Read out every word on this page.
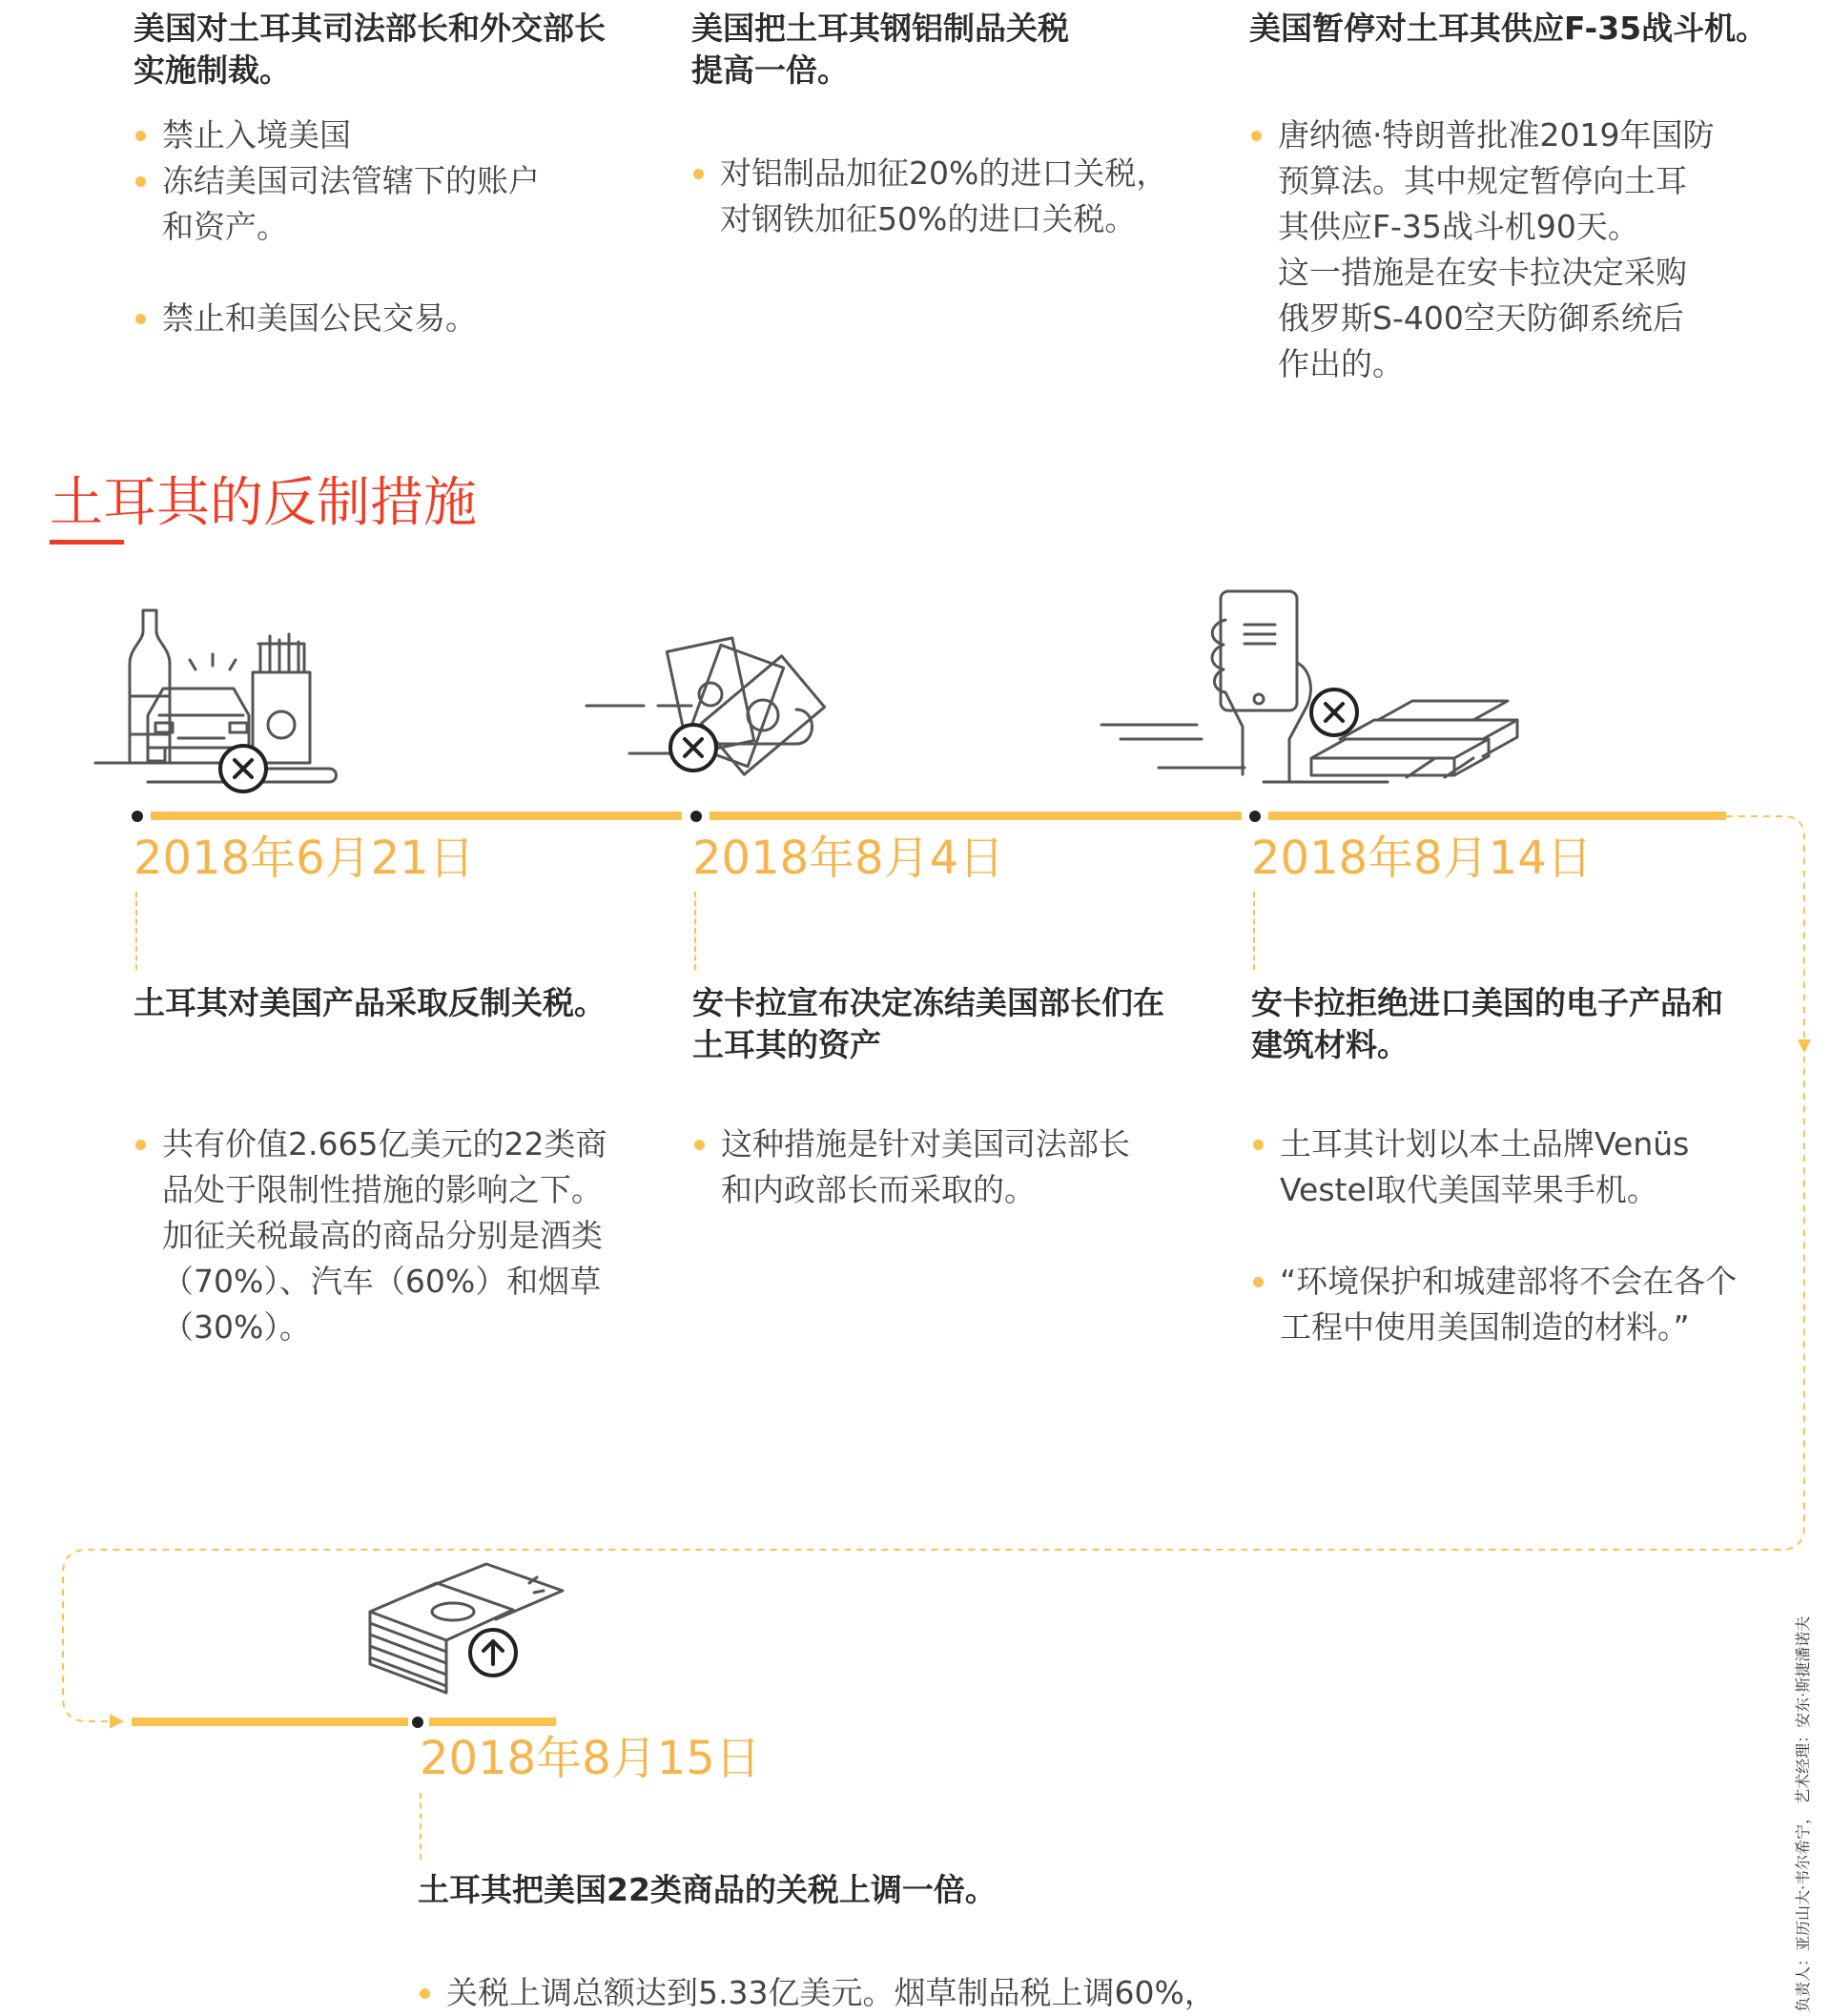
美国对土耳其司法部长和外交部长
实施制裁。
禁止入境美国
冻结美国司法管辖下的账户
和资产。
禁止和美国公民交易。
美国把土耳其钢铝制品关税
提高一倍。
对铝制品加征20%的进口关税，
对钢铁加征50%的进口关税。
美国暂停对土耳其供应F-35战斗机。
唐纳德·特朗普批准2019年国防
预算法。其中规定暂停向土耳
其供应F-35战斗机90天。
这一措施是在安卡拉决定采购
俄罗斯S-400空天防御系统后
作出的。
土耳其的反制措施
2018年6月21日
土耳其对美国产品采取反制关税。
共有价值2.665亿美元的22类商
品处于限制性措施的影响之下。
加征关税最高的商品分别是酒类
（70%）、汽车（60%）和烟草
（30%）。
2018年8月4日
安卡拉宣布决定冻结美国部长们在
土耳其的资产
这种措施是针对美国司法部长
和内政部长而采取的。
2018年8月14日
安卡拉拒绝进口美国的电子产品和
建筑材料。
土耳其计划以本土品牌Venüs
Vestel取代美国苹果手机。
“环境保护和城建部将不会在各个
工程中使用美国制造的材料。”
2018年8月15日
土耳其把美国22类商品的关税上调一倍。
关税上调总额达到5.33亿美元。烟草制品税上调60%，	负责人：亚历山大·韦尔希宁， 艺术经理：安东·斯捷潘诺夫
